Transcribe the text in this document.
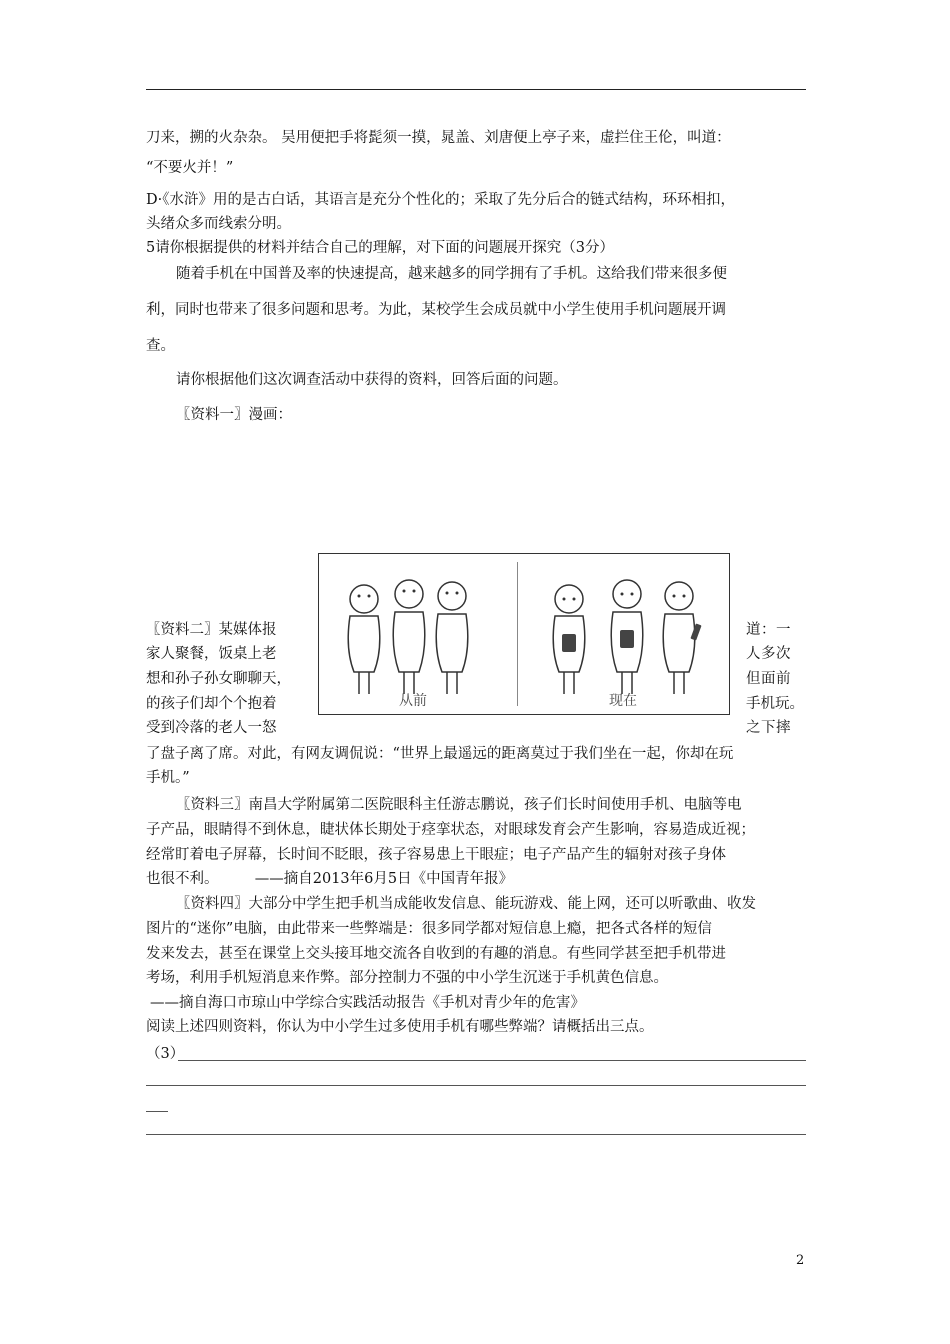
刀来，搠的火杂杂。 吴用便把手将髭须一摸，晁盖、刘唐便上亭子来，虚拦住王伦，叫道：
“不要火并！”
D·《水浒》用的是古白话，其语言是充分个性化的；采取了先分后合的链式结构，环环相扣，
头绪众多而线索分明。
5请你根据提供的材料并结合自己的理解，对下面的问题展开探究（3分）
随着手机在中国普及率的快速提高，越来越多的同学拥有了手机。这给我们带来很多便
利，同时也带来了很多问题和思考。为此，某校学生会成员就中小学生使用手机问题展开调
查。
请你根据他们这次调查活动中获得的资料，回答后面的问题。
〖资料一〗漫画：
从前	现在
〖资料二〗某媒体报
家人聚餐，饭桌上老
想和孙子孙女聊聊天，
的孩子们却个个抱着
受到冷落的老人一怒
道：一
人多次
但面前
手机玩。
之下摔
了盘子离了席。对此，有网友调侃说：“世界上最遥远的距离莫过于我们坐在一起，你却在玩
手机。”
〖资料三〗南昌大学附属第二医院眼科主任游志鹏说，孩子们长时间使用手机、电脑等电
子产品，眼睛得不到休息，睫状体长期处于痉挛状态，对眼球发育会产生影响，容易造成近视；
经常盯着电子屏幕，长时间不眨眼，孩子容易患上干眼症；电子产品产生的辐射对孩子身体
也很不利。　　　——摘自2013年6月5日《中国青年报》
〖资料四〗大部分中学生把手机当成能收发信息、能玩游戏、能上网，还可以听歌曲、收发
图片的“迷你”电脑，由此带来一些弊端是：很多同学都对短信息上瘾，把各式各样的短信
发来发去，甚至在课堂上交头接耳地交流各自收到的有趣的消息。有些同学甚至把手机带进
考场，利用手机短消息来作弊。部分控制力不强的中小学生沉迷于手机黄色信息。
——摘自海口市琼山中学综合实践活动报告《手机对青少年的危害》
阅读上述四则资料，你认为中小学生过多使用手机有哪些弊端？请概括出三点。
（3）
2
